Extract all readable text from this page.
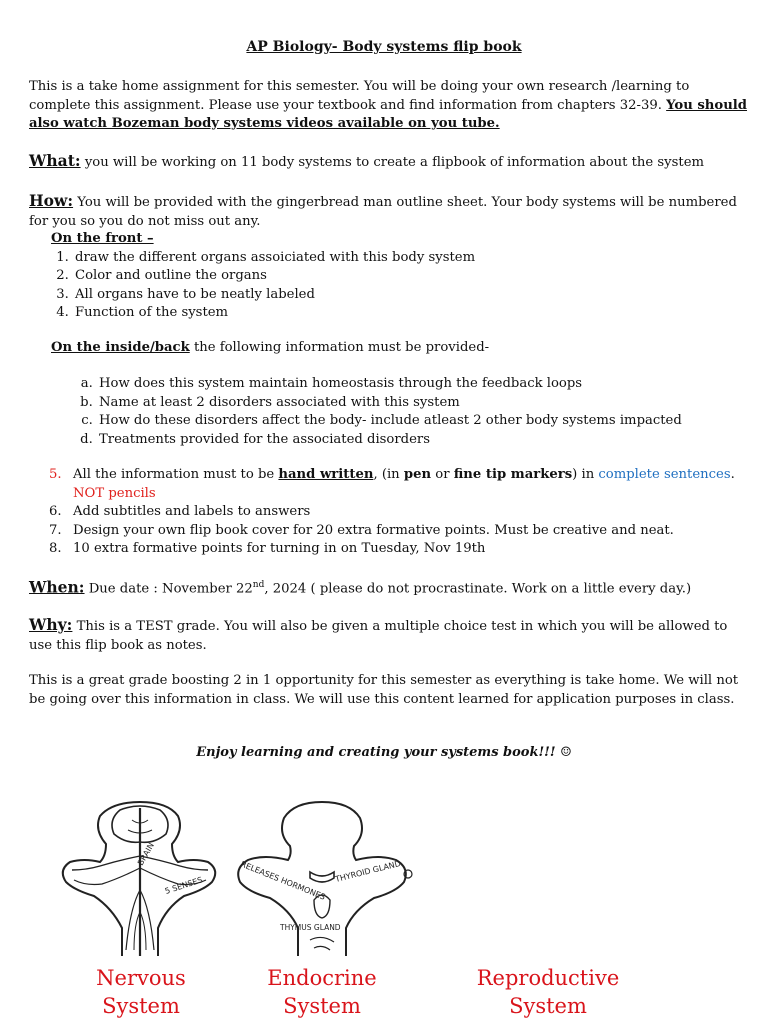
AP Biology- Body systems flip book
This is a take home assignment for this semester. You will be doing your own research /learning to complete this assignment. Please use your textbook and find information from chapters 32-39. You should also watch Bozeman body systems videos available on you tube.
What: you will be working on 11 body systems to create a flipbook of information about the system
How: You will be provided with the gingerbread man outline sheet. Your body systems will be numbered for you so you do not miss out any.
On the front –
1. draw the different organs assoiciated with this body system
2. Color and outline the organs
3. All organs have to be neatly labeled
4. Function of the system
On the inside/back the following information must be provided-
a. How does this system maintain homeostasis through the feedback loops
b. Name at least 2 disorders associated with this system
c. How do these disorders affect the body- include atleast 2 other body systems impacted
d. Treatments provided for the associated disorders
5. All the information must to be hand written, (in pen or fine tip markers) in complete sentences.
NOT pencils
6. Add subtitles and labels to answers
7. Design your own flip book cover for 20 extra formative points. Must be creative and neat.
8. 10 extra formative points for turning in on Tuesday, Nov 19th
When: Due date : November 22nd, 2024 ( please do not procrastinate. Work on a little every day.)
Why: This is a TEST grade. You will also be given a multiple choice test in which you will be allowed to use this flip book as notes.
This is a great grade boosting 2 in 1 opportunity for this semester as everything is take home. We will not be going over this information in class. We will use this content learned for application purposes in class.
Enjoy learning and creating your systems book!!! ☺
BRAIN
5 SENSES	RELEASES HORMONES THYROID GLAND
THYMUS GLAND
Nervous
System
Endocrine
System
Reproductive
System
